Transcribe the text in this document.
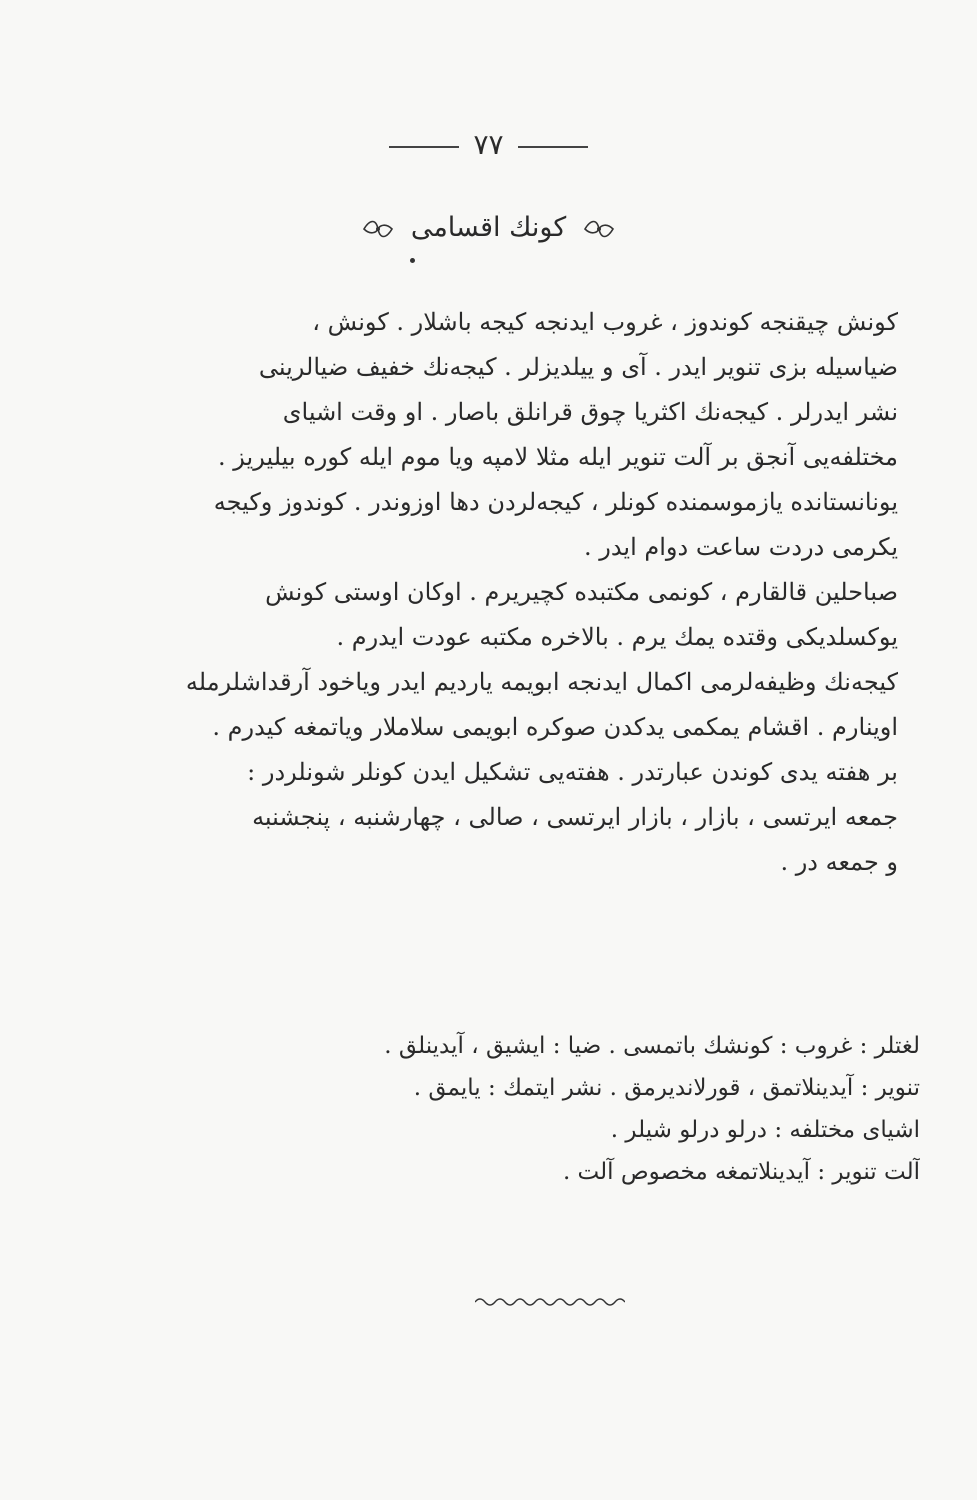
٧٧
كونك اقسامی
كونش چیقنجه كوندوز ، غروب ایدنجه كیجه باشلار . كونش ،
ضیاسیله بزی تنویر ایدر . آی و ییلدیزلر . كیجه‌نك خفیف ضیالرینی
نشر ایدرلر . كیجه‌نك اكثریا چوق قرانلق باصار . او وقت اشیای
مختلفه‌یی آنجق بر آلت تنویر ایله مثلا لامپه ویا موم ایله كوره بیلیریز .
یونانستانده یازموسمنده كونلر ، كیجه‌لردن دها اوزوندر . كوندوز وكیجه
یكرمی دردت ساعت دوام ایدر .
صباحلین قالقارم ، كونمی مكتبده كچیریرم . اوكان اوستی كونش
یوكسلدیكی وقتده یمك یرم . بالاخره مكتبه عودت ایدرم .
كیجه‌نك وظیفه‌لرمی اكمال ایدنجه ابویمه یاردیم ایدر ویاخود آرقداشلرمله
اوینارم . اقشام یمكمی یدكدن صوكره ابویمی سلاملار ویاتمغه كیدرم .
بر هفته یدی كوندن عبارتدر . هفته‌یی تشكیل ایدن كونلر شونلردر :
جمعه ایرتسی ، بازار ، بازار ایرتسی ، صالی ، چهارشنبه ، پنجشنبه
و جمعه در .
لغتلر : غروب : كونشك باتمسی . ضیا : ایشیق ، آیدینلق .
تنویر : آیدینلاتمق ، قورلاندیرمق . نشر ایتمك : یایمق .
اشیای مختلفه : درلو درلو شیلر .
آلت تنویر : آیدینلاتمغه مخصوص آلت .
